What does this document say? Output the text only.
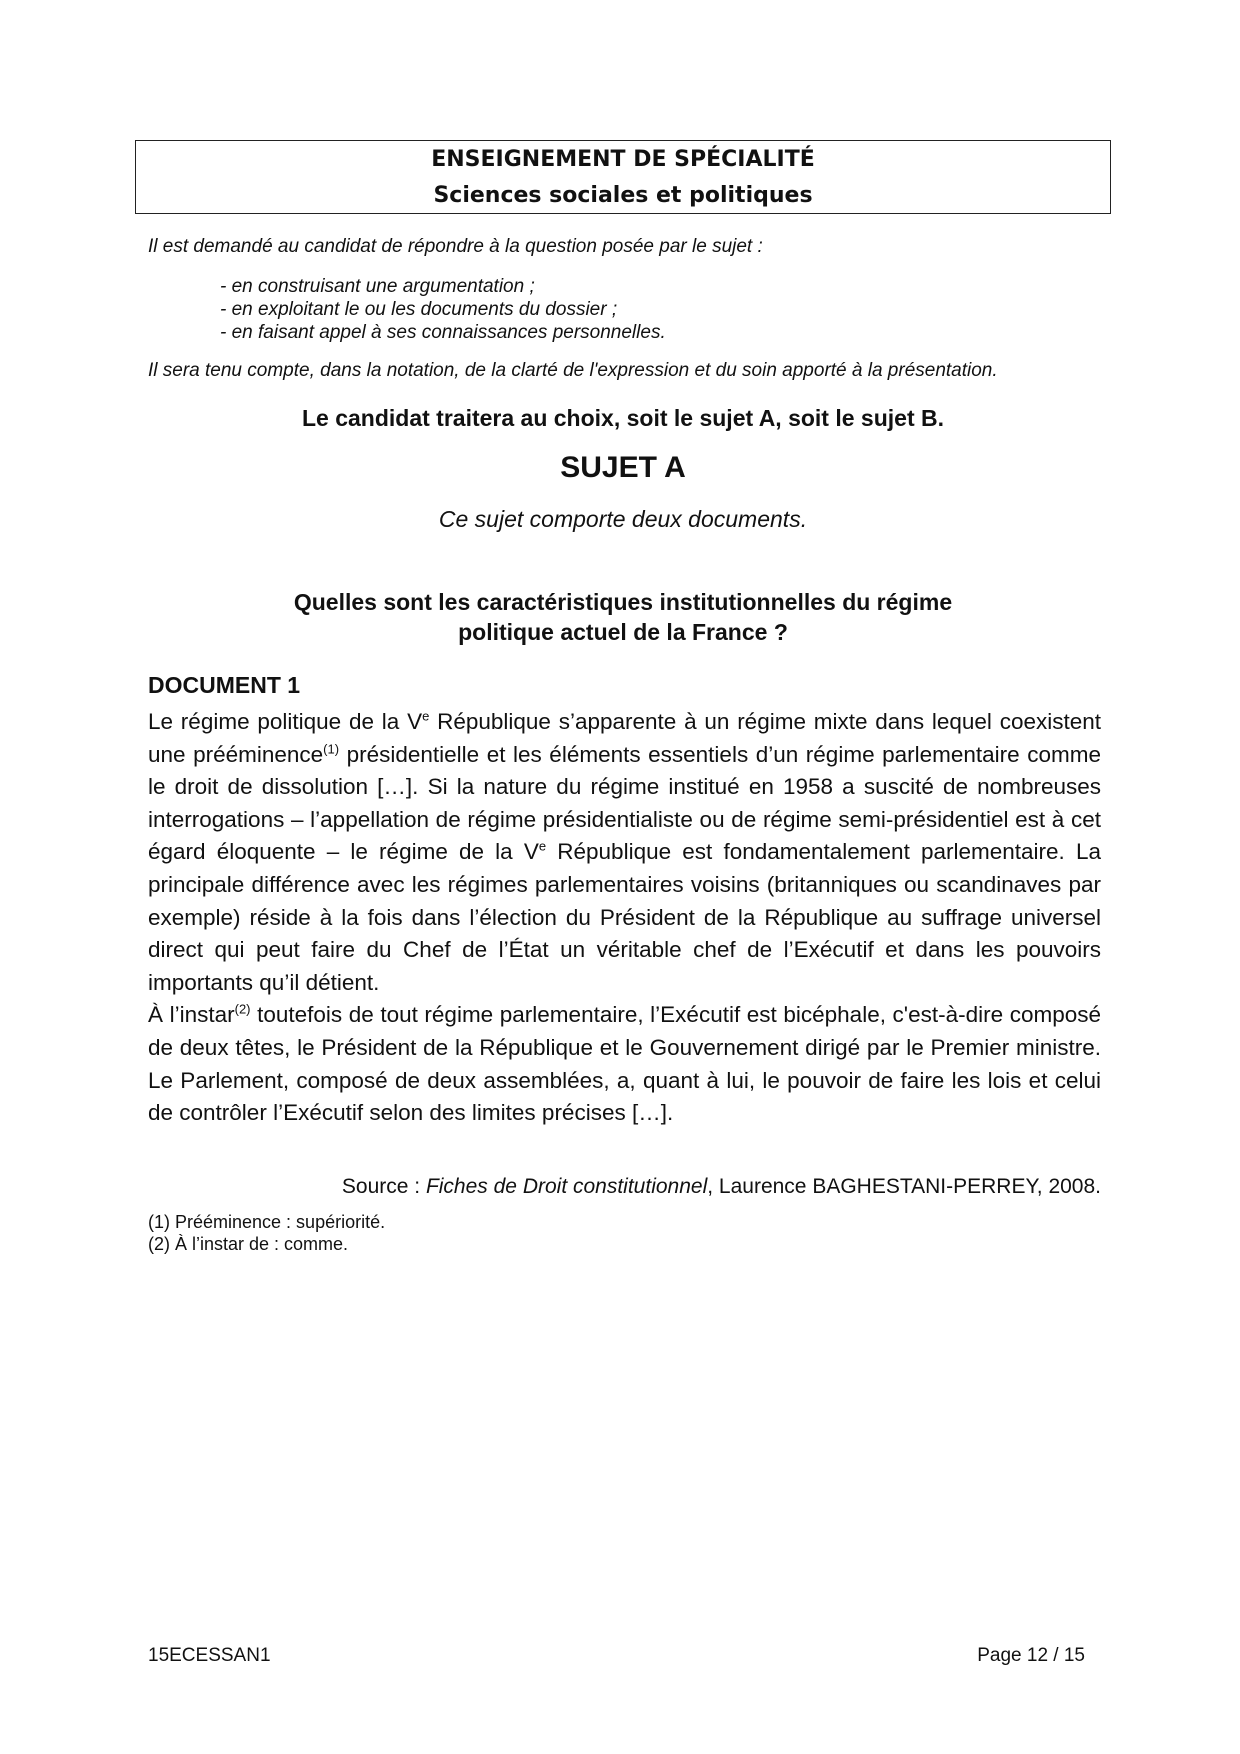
ENSEIGNEMENT DE SPÉCIALITÉ
Sciences sociales et politiques
Il est demandé au candidat de répondre à la question posée par le sujet :
- en construisant une argumentation ;
- en exploitant le ou les documents du dossier ;
- en faisant appel à ses connaissances personnelles.
Il sera tenu compte, dans la notation, de la clarté de l'expression et du soin apporté à la présentation.
Le candidat traitera au choix, soit le sujet A, soit le sujet B.
SUJET A
Ce sujet comporte deux documents.
Quelles sont les caractéristiques institutionnelles du régime
politique actuel de la France ?
DOCUMENT 1

Le régime politique de la Ve République s’apparente à un régime mixte dans lequel coexistent une prééminence$^{(1)}$ présidentielle et les éléments essentiels d’un régime parlementaire comme le droit de dissolution […]. Si la nature du régime institué en 1958 a suscité de nombreuses interrogations – l’appellation de régime présidentialiste ou de régime semi-présidentiel est à cet égard éloquente – le régime de la Ve République est fondamentalement parlementaire. La principale différence avec les régimes parlementaires voisins (britanniques ou scandinaves par exemple) réside à la fois dans l’élection du Président de la République au suffrage universel direct qui peut faire du Chef de l’État un véritable chef de l’Exécutif et dans les pouvoirs importants qu’il détient.

À l’instar$^{(2)}$ toutefois de tout régime parlementaire, l’Exécutif est bicéphale, c'est-à-dire composé de deux têtes, le Président de la République et le Gouvernement dirigé par le Premier ministre. Le Parlement, composé de deux assemblées, a, quant à lui, le pouvoir de faire les lois et celui de contrôler l’Exécutif selon des limites précises […].

Source : Fiches de Droit constitutionnel, Laurence BAGHESTANI-PERREY, 2008.
(1) Prééminence : supériorité.
(2) À l’instar de : comme.
15ECESSAN1	Page 12 / 15
